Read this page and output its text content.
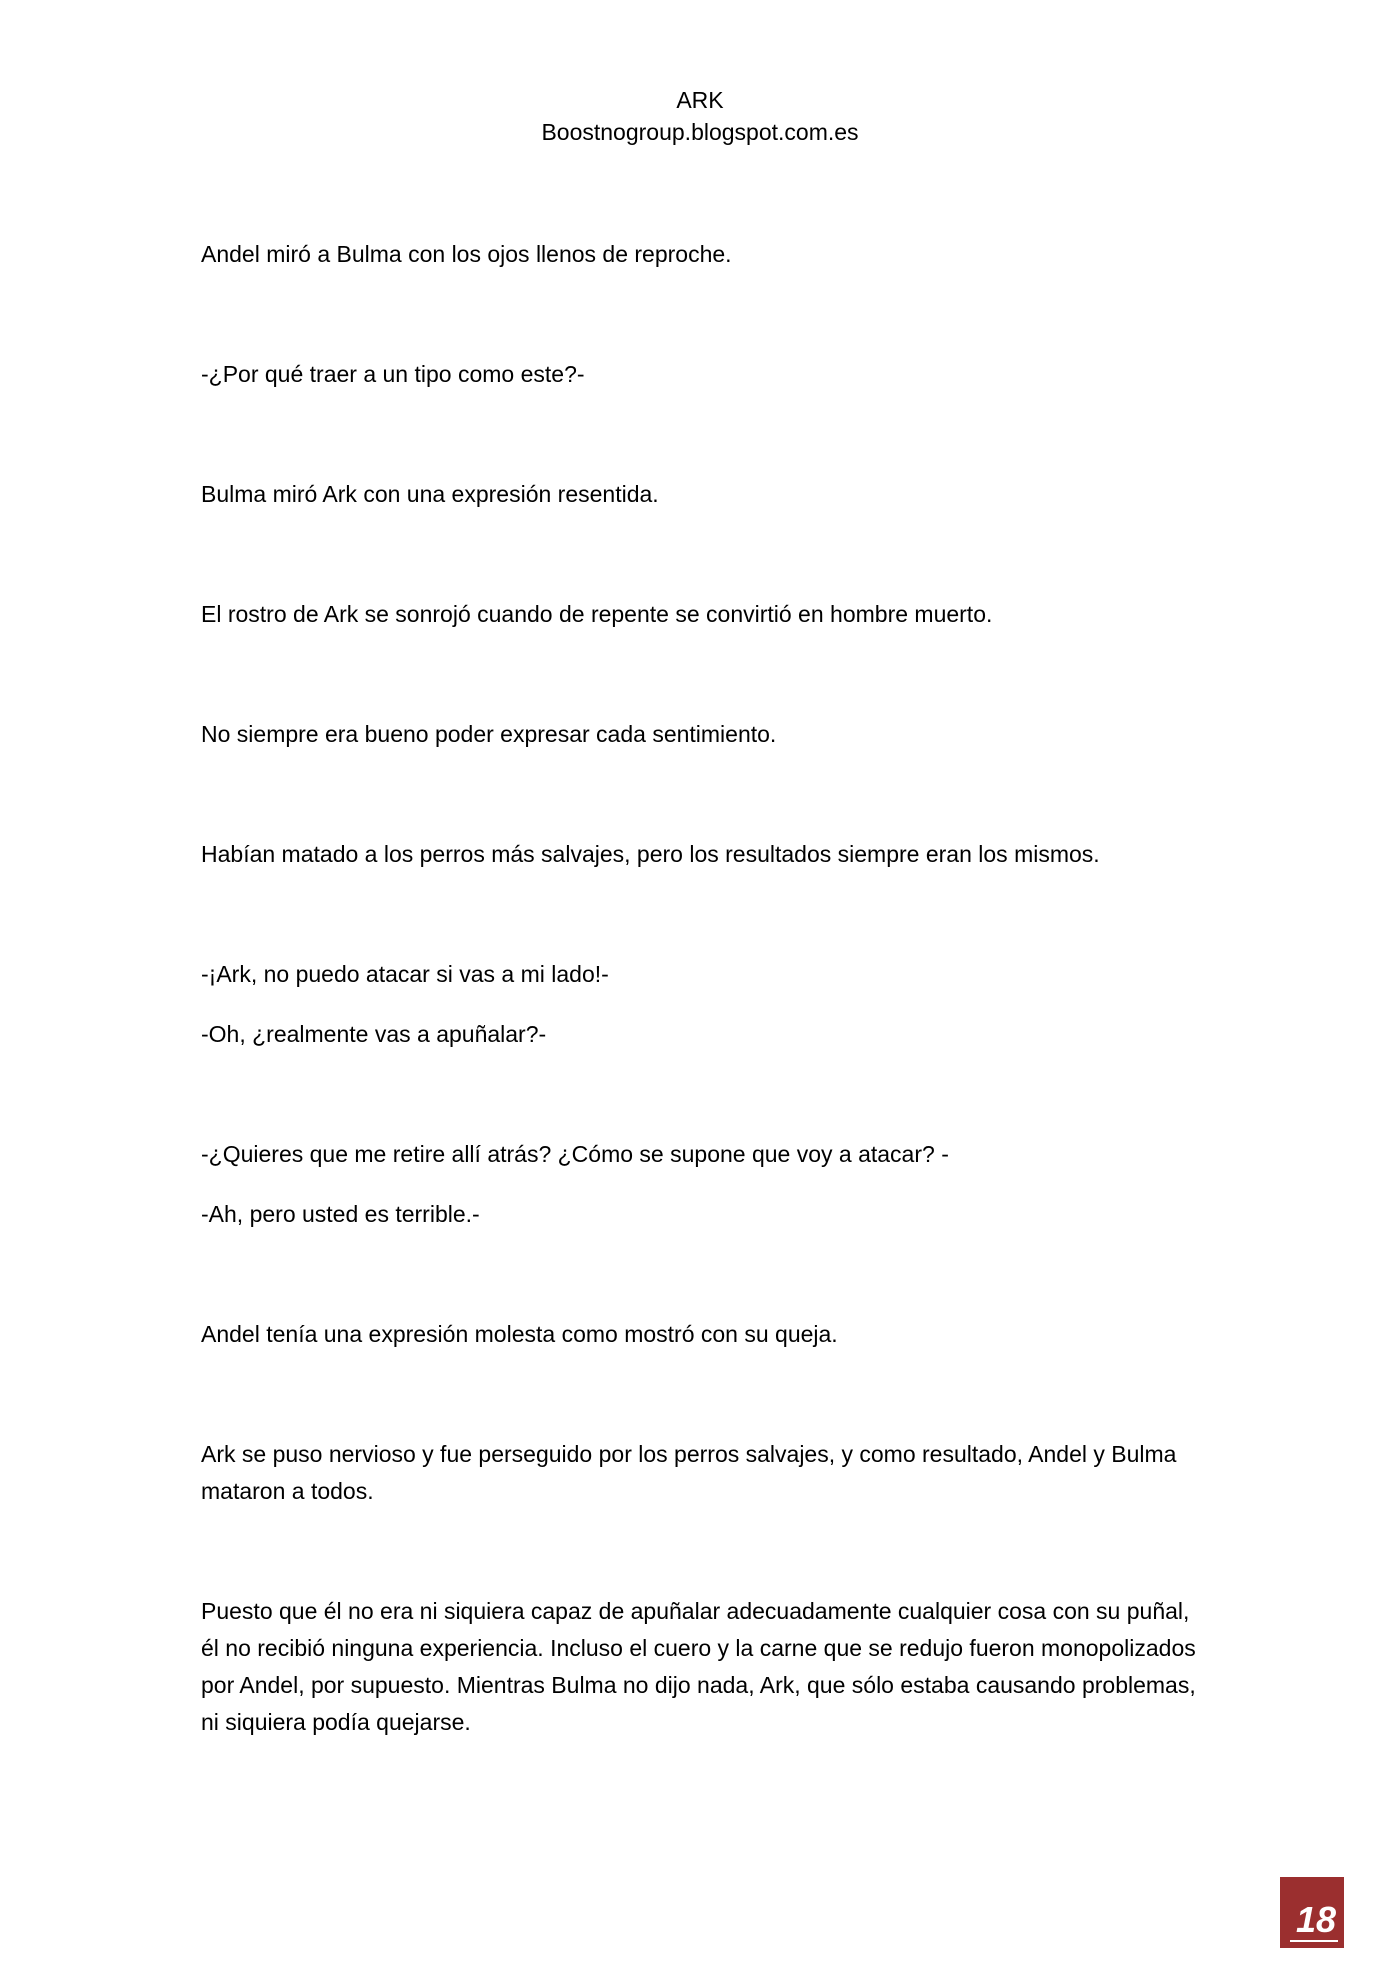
ARK
Boostnogroup.blogspot.com.es

Andel miró a Bulma con los ojos llenos de reproche.

-¿Por qué traer a un tipo como este?-

Bulma miró Ark con una expresión resentida.

El rostro de Ark se sonrojó cuando de repente se convirtió en hombre muerto.

No siempre era bueno poder expresar cada sentimiento.

Habían matado a los perros más salvajes, pero los resultados siempre eran los mismos.

-¡Ark, no puedo atacar si vas a mi lado!-

-Oh, ¿realmente vas a apuñalar?-

-¿Quieres que me retire allí atrás? ¿Cómo se supone que voy a atacar? -

-Ah, pero usted es terrible.-

Andel tenía una expresión molesta como mostró con su queja.

Ark se puso nervioso y fue perseguido por los perros salvajes, y como resultado, Andel y Bulma mataron a todos.

Puesto que él no era ni siquiera capaz de apuñalar adecuadamente cualquier cosa con su puñal, él no recibió ninguna experiencia. Incluso el cuero y la carne que se redujo fueron monopolizados por Andel, por supuesto. Mientras Bulma no dijo nada, Ark, que sólo estaba causando problemas, ni siquiera podía quejarse.

18
